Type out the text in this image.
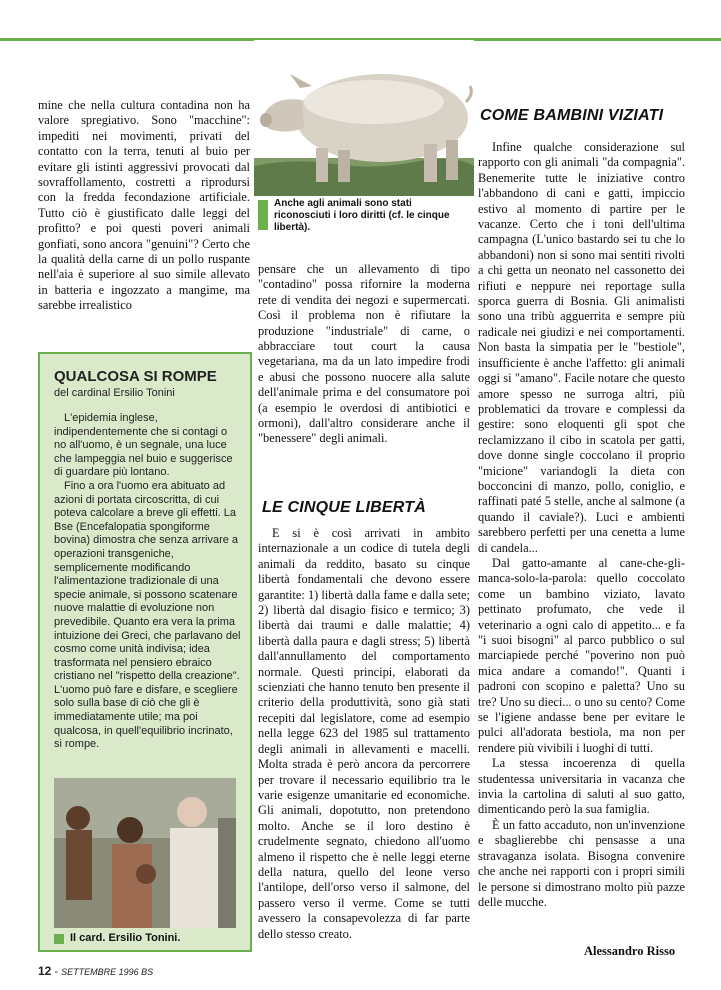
mine che nella cultura contadina non ha valore spregiativo. Sono "macchine": impediti nei movimenti, privati del contatto con la terra, tenuti al buio per evitare gli istinti aggressivi provocati dal sovraffollamento, costretti a riprodursi con la fredda fecondazione artificiale. Tutto ciò è giustificato dalle leggi del profitto? e poi questi poveri animali gonfiati, sono ancora "genuini"? Certo che la qualità della carne di un pollo ruspante nell'aia è superiore al suo simile allevato in batteria e ingozzato a mangime, ma sarebbe irrealistico

Anche agli animali sono stati riconosciuti i loro diritti (cf. le cinque libertà).

pensare che un allevamento di tipo "contadino" possa rifornire la moderna rete di vendita dei negozi e supermercati. Così il problema non è rifiutare la produzione "industriale" di carne, o abbracciare tout court la causa vegetariana, ma da un lato impedire frodi e abusi che possono nuocere alla salute dell'animale prima e del consumatore poi (a esempio le overdosi di antibiotici e ormoni), dall'altro considerare anche il "benessere" degli animali.

LE CINQUE LIBERTÀ

E si è così arrivati in ambito internazionale a un codice di tutela degli animali da reddito, basato su cinque libertà fondamentali che devono essere garantite: 1) libertà dalla fame e dalla sete; 2) libertà dal disagio fisico e termico; 3) libertà dai traumi e dalle malattie; 4) libertà dalla paura e dagli stress; 5) libertà dall'annullamento del comportamento normale. Questi principi, elaborati da scienziati che hanno tenuto ben presente il criterio della produttività, sono già stati recepiti dal legislatore, come ad esempio nella legge 623 del 1985 sul trattamento degli animali in allevamenti e macelli. Molta strada è però ancora da percorrere per trovare il necessario equilibrio tra le varie esigenze umanitarie ed economiche. Gli animali, dopotutto, non pretendono molto. Anche se il loro destino è crudelmente segnato, chiedono all'uomo almeno il rispetto che è nelle leggi eterne della natura, quello del leone verso l'antilope, dell'orso verso il salmone, del passero verso il verme. Come se tutti avessero la consapevolezza di far parte dello stesso creato.

COME BAMBINI VIZIATI

Infine qualche considerazione sul rapporto con gli animali "da compagnia". Benemerite tutte le iniziative contro l'abbandono di cani e gatti, impiccio estivo al momento di partire per le vacanze. Certo che i toni dell'ultima campagna (L'unico bastardo sei tu che lo abbandoni) non si sono mai sentiti rivolti a chi getta un neonato nel cassonetto dei rifiuti e neppure nei reportage sulla sporca guerra di Bosnia. Gli animalisti sono una tribù agguerrita e sempre più radicale nei giudizi e nei comportamenti. Non basta la simpatia per le "bestiole", insufficiente è anche l'affetto: gli animali oggi si "amano". Facile notare che questo amore spesso ne surroga altri, più problematici da trovare e complessi da gestire: sono eloquenti gli spot che reclamizzano il cibo in scatola per gatti, dove donne single coccolano il proprio "micione" variandogli la dieta con bocconcini di manzo, pollo, coniglio, e raffinati paté 5 stelle, anche al salmone (a quando il caviale?). Luci e ambienti sarebbero perfetti per una cenetta a lume di candela...

Dal gatto-amante al cane-che-gli-manca-solo-la-parola: quello coccolato come un bambino viziato, lavato pettinato profumato, che vede il veterinario a ogni calo di appetito... e fa "i suoi bisogni" al parco pubblico o sul marciapiede perché "poverino non può mica andare a comando!". Quanti i padroni con scopino e paletta? Uno su tre? Uno su dieci... o uno su cento? Come se l'igiene andasse bene per evitare le pulci all'adorata bestiola, ma non per rendere più vivibili i luoghi di tutti.

La stessa incoerenza di quella studentessa universitaria in vacanza che invia la cartolina di saluti al suo gatto, dimenticando però la sua famiglia.

È un fatto accaduto, non un'invenzione e sbaglierebbe chi pensasse a una stravaganza isolata. Bisogna convenire che anche nei rapporti con i propri simili le persone si dimostrano molto più pazze delle mucche.

Alessandro Risso
QUALCOSA SI ROMPE
del cardinal Ersilio Tonini

L'epidemia inglese, indipendentemente che si contagi o no all'uomo, è un segnale, una luce che lampeggia nel buio e suggerisce di guardare più lontano.

Fino a ora l'uomo era abituato ad azioni di portata circoscritta, di cui poteva calcolare a breve gli effetti. La Bse (Encefalopatia spongiforme bovina) dimostra che senza arrivare a operazioni transgeniche, semplicemente modificando l'alimentazione tradizionale di una specie animale, si possono scatenare nuove malattie di evoluzione non prevedibile. Quanto era vera la prima intuizione dei Greci, che parlavano del cosmo come unità indivisa; idea trasformata nel pensiero ebraico cristiano nel "rispetto della creazione". L'uomo può fare e disfare, e scegliere solo sulla base di ciò che gli è immediatamente utile; ma poi qualcosa, in quell'equilibrio incrinato, si rompe.

Il card. Ersilio Tonini.
12 - SETTEMBRE 1996 BS
